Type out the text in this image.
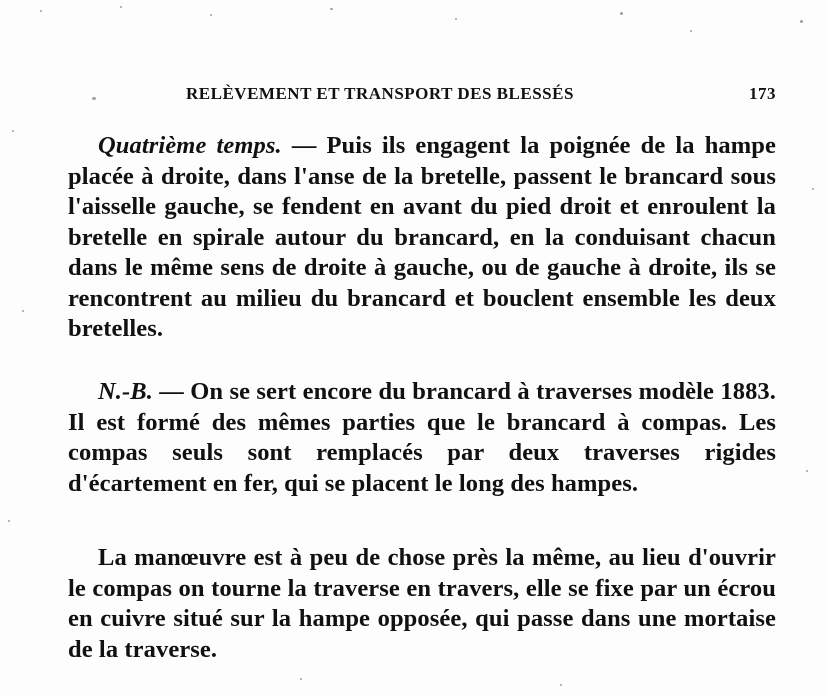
RELÈVEMENT ET TRANSPORT DES BLESSÉS	173

Quatrième temps. — Puis ils engagent la poignée de la hampe placée à droite, dans l'anse de la bretelle, passent le brancard sous l'aisselle gauche, se fendent en avant du pied droit et enroulent la bretelle en spirale autour du brancard, en la conduisant chacun dans le même sens de droite à gauche, ou de gauche à droite, ils se rencontrent au milieu du brancard et bouclent ensemble les deux bretelles.

N.-B. — On se sert encore du brancard à traverses modèle 1883. Il est formé des mêmes parties que le brancard à compas. Les compas seuls sont remplacés par deux traverses rigides d'écartement en fer, qui se placent le long des hampes.

La manœuvre est à peu de chose près la même, au lieu d'ouvrir le compas on tourne la traverse en travers, elle se fixe par un écrou en cuivre situé sur la hampe opposée, qui passe dans une mortaise de la traverse.
